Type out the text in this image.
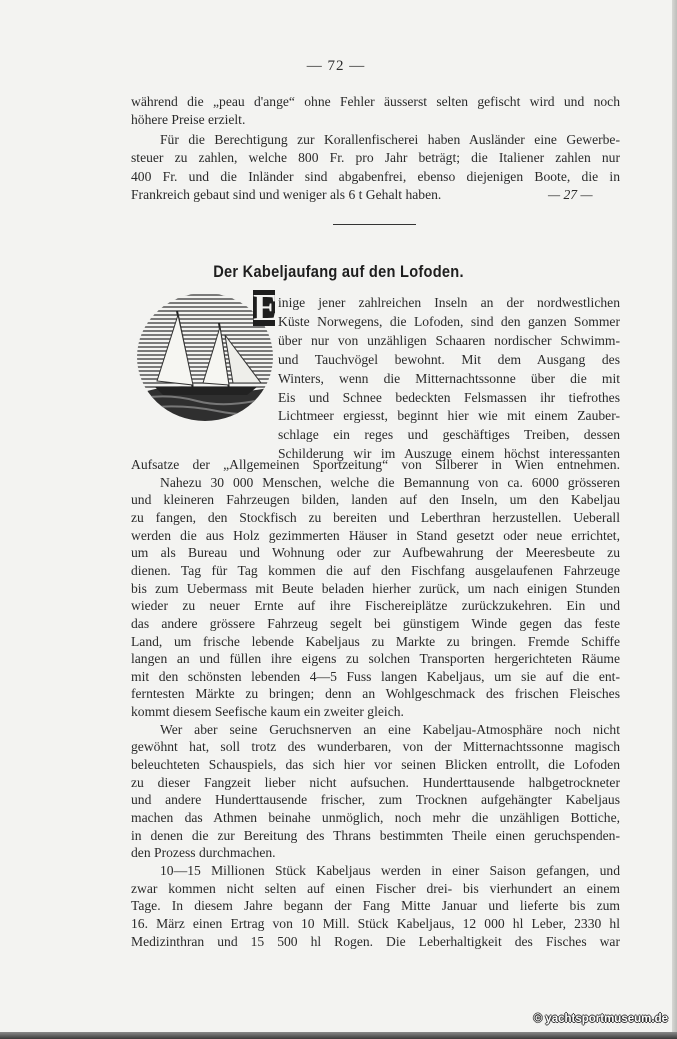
— 72 —
während die „peau d'ange“ ohne Fehler äusserst selten gefischt wird und noch
höhere Preise erzielt.
Für die Berechtigung zur Korallenfischerei haben Ausländer eine Gewerbe-
steuer zu zahlen, welche 800 Fr. pro Jahr beträgt; die Italiener zahlen nur
400 Fr. und die Inländer sind abgabenfrei, ebenso diejenigen Boote, die in
Frankreich gebaut sind und weniger als 6 t Gehalt haben.	— 27 —
Der Kabeljaufang auf den Lofoden.
E inige jener zahlreichen Inseln an der nordwestlichen
Küste Norwegens, die Lofoden, sind den ganzen Sommer
über nur von unzähligen Schaaren nordischer Schwimm-
und Tauchvögel bewohnt. Mit dem Ausgang des
Winters, wenn die Mitternachtssonne über die mit
Eis und Schnee bedeckten Felsmassen ihr tiefrothes
Lichtmeer ergiesst, beginnt hier wie mit einem Zauber-
schlage ein reges und geschäftiges Treiben, dessen
Schilderung wir im Auszuge einem höchst interessanten
Aufsatze der „Allgemeinen Sportzeitung“ von Silberer in Wien entnehmen.
Nahezu 30 000 Menschen, welche die Bemannung von ca. 6000 grösseren
und kleineren Fahrzeugen bilden, landen auf den Inseln, um den Kabeljau
zu fangen, den Stockfisch zu bereiten und Leberthran herzustellen. Ueberall
werden die aus Holz gezimmerten Häuser in Stand gesetzt oder neue errichtet,
um als Bureau und Wohnung oder zur Aufbewahrung der Meeresbeute zu
dienen. Tag für Tag kommen die auf den Fischfang ausgelaufenen Fahrzeuge
bis zum Uebermass mit Beute beladen hierher zurück, um nach einigen Stunden
wieder zu neuer Ernte auf ihre Fischereiplätze zurückzukehren. Ein und
das andere grössere Fahrzeug segelt bei günstigem Winde gegen das feste
Land, um frische lebende Kabeljaus zu Markte zu bringen. Fremde Schiffe
langen an und füllen ihre eigens zu solchen Transporten hergerichteten Räume
mit den schönsten lebenden 4—5 Fuss langen Kabeljaus, um sie auf die ent-
ferntesten Märkte zu bringen; denn an Wohlgeschmack des frischen Fleisches
kommt diesem Seefische kaum ein zweiter gleich.
Wer aber seine Geruchsnerven an eine Kabeljau-Atmosphäre noch nicht
gewöhnt hat, soll trotz des wunderbaren, von der Mitternachtssonne magisch
beleuchteten Schauspiels, das sich hier vor seinen Blicken entrollt, die Lofoden
zu dieser Fangzeit lieber nicht aufsuchen. Hunderttausende halbgetrockneter
und andere Hunderttausende frischer, zum Trocknen aufgehängter Kabeljaus
machen das Athmen beinahe unmöglich, noch mehr die unzähligen Bottiche,
in denen die zur Bereitung des Thrans bestimmten Theile einen geruchspenden-
den Prozess durchmachen.
10—15 Millionen Stück Kabeljaus werden in einer Saison gefangen, und
zwar kommen nicht selten auf einen Fischer drei- bis vierhundert an einem
Tage. In diesem Jahre begann der Fang Mitte Januar und lieferte bis zum
16. März einen Ertrag von 10 Mill. Stück Kabeljaus, 12 000 hl Leber, 2330 hl
Medizinthran und 15 500 hl Rogen. Die Leberhaltigkeit des Fisches war
© yachtsportmuseum.de
